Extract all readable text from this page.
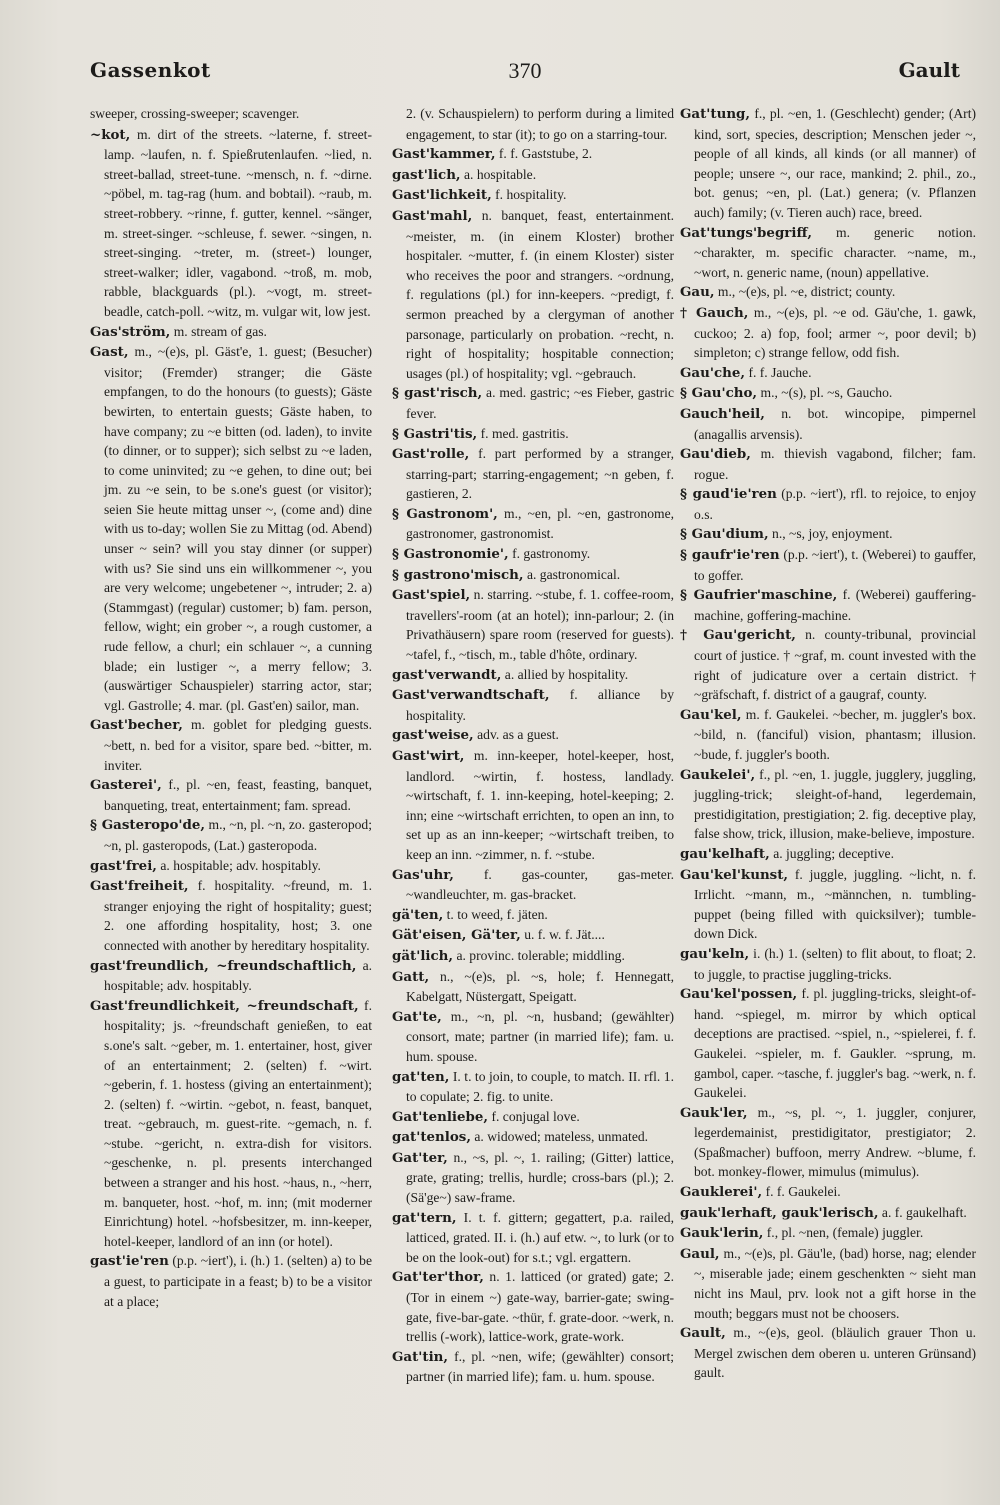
Gassenkot	370	Gault

sweeper, crossing-sweeper; scavenger.

~kot, m. dirt of the streets. ~laterne, f. street-lamp. ~laufen, n. f. Spießrutenlaufen. ~lied, n. street-ballad, street-tune. ~mensch, n. f. ~dirne. ~pöbel, m. tag-rag (hum. and bobtail). ~raub, m. street-robbery. ~rinne, f. gutter, kennel. ~sänger, m. street-singer. ~schleuse, f. sewer. ~singen, n. street-singing. ~treter, m. (street-) lounger, street-walker; idler, vagabond. ~troß, m. mob, rabble, blackguards (pl.). ~vogt, m. street-beadle, catch-poll. ~witz, m. vulgar wit, low jest.

Gas'ström, m. stream of gas.

Gast, m., ~(e)s, pl. Gäst'e, 1. guest; (Besucher) visitor; (Fremder) stranger; die Gäste empfangen, to do the honours (to guests); Gäste bewirten, to entertain guests; Gäste haben, to have company; zu ~e bitten (od. laden), to invite (to dinner, or to supper); sich selbst zu ~e laden, to come uninvited; zu ~e gehen, to dine out; bei jm. zu ~e sein, to be s.one's guest (or visitor); seien Sie heute mittag unser ~, (come and) dine with us to-day; wollen Sie zu Mittag (od. Abend) unser ~ sein? will you stay dinner (or supper) with us? Sie sind uns ein willkommener ~, you are very welcome; ungebetener ~, intruder; 2. a) (Stammgast) (regular) customer; b) fam. person, fellow, wight; ein grober ~, a rough customer, a rude fellow, a churl; ein schlauer ~, a cunning blade; ein lustiger ~, a merry fellow; 3. (auswärtiger Schauspieler) starring actor, star; vgl. Gastrolle; 4. mar. (pl. Gast'en) sailor, man.

Gast'becher, m. goblet for pledging guests. ~bett, n. bed for a visitor, spare bed. ~bitter, m. inviter.

Gasterei', f., pl. ~en, feast, feasting, banquet, banqueting, treat, entertainment; fam. spread.

§ Gasteropo'de, m., ~n, pl. ~n, zo. gasteropod; ~n, pl. gasteropods, (Lat.) gasteropoda.

gast'frei, a. hospitable; adv. hospitably.

Gast'freiheit, f. hospitality. ~freund, m. 1. stranger enjoying the right of hospitality; guest; 2. one affording hospitality, host; 3. one connected with another by hereditary hospitality.

gast'freundlich, ~freundschaftlich, a. hospitable; adv. hospitably.

Gast'freundlichkeit, ~freundschaft, f. hospitality; js. ~freundschaft genießen, to eat s.one's salt. ~geber, m. 1. entertainer, host, giver of an entertainment; 2. (selten) f. ~wirt. ~geberin, f. 1. hostess (giving an entertainment); 2. (selten) f. ~wirtin. ~gebot, n. feast, banquet, treat. ~gebrauch, m. guest-rite. ~gemach, n. f. ~stube. ~gericht, n. extra-dish for visitors. ~geschenke, n. pl. presents interchanged between a stranger and his host. ~haus, n., ~herr, m. banqueter, host. ~hof, m. inn; (mit moderner Einrichtung) hotel. ~hofsbesitzer, m. inn-keeper, hotel-keeper, landlord of an inn (or hotel).

gast'ie'ren (p.p. ~iert'), i. (h.) 1. (selten) a) to be a guest, to participate in a feast; b) to be a visitor at a place;

2. (v. Schauspielern) to perform during a limited engagement, to star (it); to go on a starring-tour.

Gast'kammer, f. f. Gaststube, 2.

gast'lich, a. hospitable.

Gast'lichkeit, f. hospitality.

Gast'mahl, n. banquet, feast, entertainment. ~meister, m. (in einem Kloster) brother hospitaler. ~mutter, f. (in einem Kloster) sister who receives the poor and strangers. ~ordnung, f. regulations (pl.) for inn-keepers. ~predigt, f. sermon preached by a clergyman of another parsonage, particularly on probation. ~recht, n. right of hospitality; hospitable connection; usages (pl.) of hospitality; vgl. ~gebrauch.

§ gast'risch, a. med. gastric; ~es Fieber, gastric fever.

§ Gastri'tis, f. med. gastritis.

Gast'rolle, f. part performed by a stranger, starring-part; starring-engagement; ~n geben, f. gastieren, 2.

§ Gastronom', m., ~en, pl. ~en, gastronome, gastronomer, gastronomist.

§ Gastronomie', f. gastronomy.

§ gastrono'misch, a. gastronomical.

Gast'spiel, n. starring. ~stube, f. 1. coffee-room, travellers'-room (at an hotel); inn-parlour; 2. (in Privathäusern) spare room (reserved for guests). ~tafel, f., ~tisch, m., table d'hôte, ordinary.

gast'verwandt, a. allied by hospitality.

Gast'verwandtschaft, f. alliance by hospitality.

gast'weise, adv. as a guest.

Gast'wirt, m. inn-keeper, hotel-keeper, host, landlord. ~wirtin, f. hostess, landlady. ~wirtschaft, f. 1. inn-keeping, hotel-keeping; 2. inn; eine ~wirtschaft errichten, to open an inn, to set up as an inn-keeper; ~wirtschaft treiben, to keep an inn. ~zimmer, n. f. ~stube.

Gas'uhr, f. gas-counter, gas-meter. ~wandleuchter, m. gas-bracket.

gä'ten, t. to weed, f. jäten.

Gät'eisen, Gä'ter, u. f. w. f. Jät....

gät'lich, a. provinc. tolerable; middling.

Gatt, n., ~(e)s, pl. ~s, hole; f. Hennegatt, Kabelgatt, Nüstergatt, Speigatt.

Gat'te, m., ~n, pl. ~n, husband; (gewählter) consort, mate; partner (in married life); fam. u. hum. spouse.

gat'ten, I. t. to join, to couple, to match. II. rfl. 1. to copulate; 2. fig. to unite.

Gat'tenliebe, f. conjugal love.

gat'tenlos, a. widowed; mateless, unmated.

Gat'ter, n., ~s, pl. ~, 1. railing; (Gitter) lattice, grate, grating; trellis, hurdle; cross-bars (pl.); 2. (Sä'ge~) saw-frame.

gat'tern, I. t. f. gittern; gegattert, p.a. railed, latticed, grated. II. i. (h.) auf etw. ~, to lurk (or to be on the look-out) for s.t.; vgl. ergattern.

Gat'ter'thor, n. 1. latticed (or grated) gate; 2. (Tor in einem ~) gate-way, barrier-gate; swing-gate, five-bar-gate. ~thür, f. grate-door. ~werk, n. trellis (-work), lattice-work, grate-work.

Gat'tin, f., pl. ~nen, wife; (gewählter) consort; partner (in married life); fam. u. hum. spouse.

Gat'tung, f., pl. ~en, 1. (Geschlecht) gender; (Art) kind, sort, species, description; Menschen jeder ~, people of all kinds, all kinds (or all manner) of people; unsere ~, our race, mankind; 2. phil., zo., bot. genus; ~en, pl. (Lat.) genera; (v. Pflanzen auch) family; (v. Tieren auch) race, breed.

Gat'tungs'begriff, m. generic notion. ~charakter, m. specific character. ~name, m., ~wort, n. generic name, (noun) appellative.

Gau, m., ~(e)s, pl. ~e, district; county.

† Gauch, m., ~(e)s, pl. ~e od. Gäu'che, 1. gawk, cuckoo; 2. a) fop, fool; armer ~, poor devil; b) simpleton; c) strange fellow, odd fish.

Gau'che, f. f. Jauche.

§ Gau'cho, m., ~(s), pl. ~s, Gaucho.

Gauch'heil, n. bot. wincopipe, pimpernel (anagallis arvensis).

Gau'dieb, m. thievish vagabond, filcher; fam. rogue.

§ gaud'ie'ren (p.p. ~iert'), rfl. to rejoice, to enjoy o.s.

§ Gau'dium, n., ~s, joy, enjoyment.

§ gaufr'ie'ren (p.p. ~iert'), t. (Weberei) to gauffer, to goffer.

§ Gaufrier'maschine, f. (Weberei) gauffering-machine, goffering-machine.

† Gau'gericht, n. county-tribunal, provincial court of justice. † ~graf, m. count invested with the right of judicature over a certain district. † ~gräfschaft, f. district of a gaugraf, county.

Gau'kel, m. f. Gaukelei. ~becher, m. juggler's box. ~bild, n. (fanciful) vision, phantasm; illusion. ~bude, f. juggler's booth.

Gaukelei', f., pl. ~en, 1. juggle, jugglery, juggling, juggling-trick; sleight-of-hand, legerdemain, prestidigitation, prestigiation; 2. fig. deceptive play, false show, trick, illusion, make-believe, imposture.

gau'kelhaft, a. juggling; deceptive.

Gau'kel'kunst, f. juggle, juggling. ~licht, n. f. Irrlicht. ~mann, m., ~männchen, n. tumbling-puppet (being filled with quicksilver); tumble-down Dick.

gau'keln, i. (h.) 1. (selten) to flit about, to float; 2. to juggle, to practise juggling-tricks.

Gau'kel'possen, f. pl. juggling-tricks, sleight-of-hand. ~spiegel, m. mirror by which optical deceptions are practised. ~spiel, n., ~spielerei, f. f. Gaukelei. ~spieler, m. f. Gaukler. ~sprung, m. gambol, caper. ~tasche, f. juggler's bag. ~werk, n. f. Gaukelei.

Gauk'ler, m., ~s, pl. ~, 1. juggler, conjurer, legerdemainist, prestidigitator, prestigiator; 2. (Spaßmacher) buffoon, merry Andrew. ~blume, f. bot. monkey-flower, mimulus (mimulus).

Gauklerei', f. f. Gaukelei.

gauk'lerhaft, gauk'lerisch, a. f. gaukelhaft.

Gauk'lerin, f., pl. ~nen, (female) juggler.

Gaul, m., ~(e)s, pl. Gäu'le, (bad) horse, nag; elender ~, miserable jade; einem geschenkten ~ sieht man nicht ins Maul, prv. look not a gift horse in the mouth; beggars must not be choosers.

Gault, m., ~(e)s, geol. (bläulich grauer Thon u. Mergel zwischen dem oberen u. unteren Grünsand) gault.
